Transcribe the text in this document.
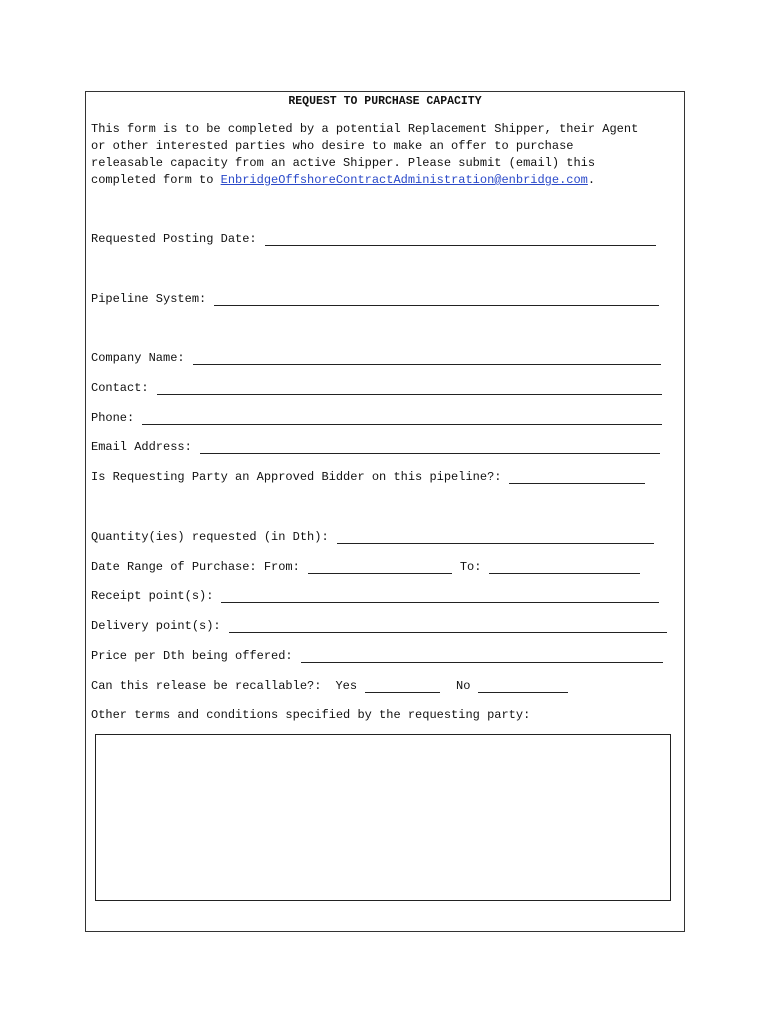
REQUEST TO PURCHASE CAPACITY
This form is to be completed by a potential Replacement Shipper, their Agent
or other interested parties who desire to make an offer to purchase
releasable capacity from an active Shipper. Please submit (email) this
completed form to EnbridgeOffshoreContractAdministration@enbridge.com.
Requested Posting Date:
Pipeline System:
Company Name:
Contact:
Phone:
Email Address:
Is Requesting Party an Approved Bidder on this pipeline?:
Quantity(ies) requested (in Dth):
Date Range of Purchase: From:	To:
Receipt point(s):
Delivery point(s):
Price per Dth being offered:
Can this release be recallable?: Yes	No
Other terms and conditions specified by the requesting party:
